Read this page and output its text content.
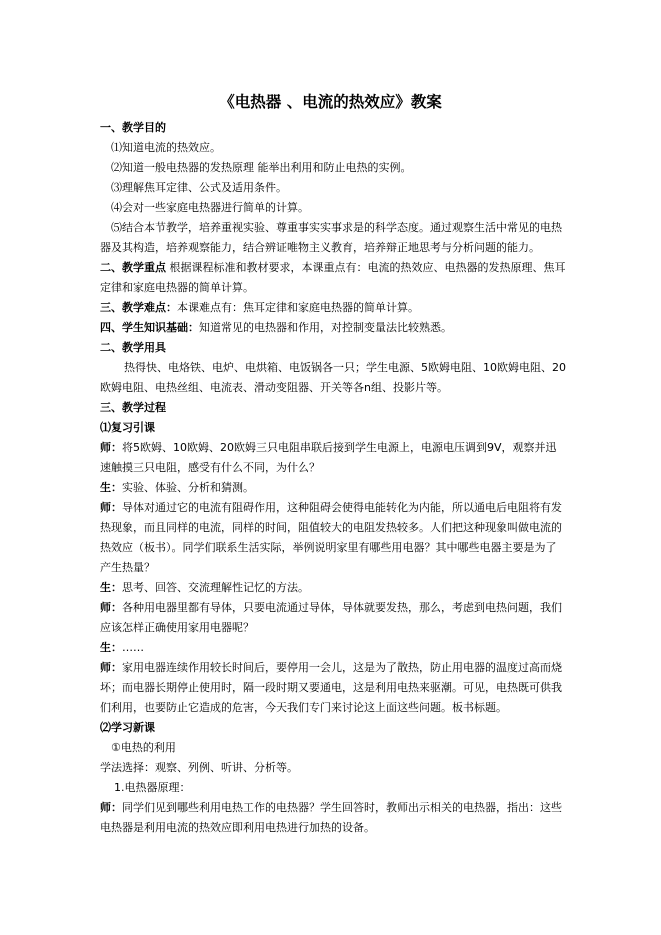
《电热器 、电流的热效应》教案

一、教学目的

⑴知道电流的热效应。

⑵知道一般电热器的发热原理 能举出利用和防止电热的实例。

⑶理解焦耳定律、公式及适用条件。

⑷会对一些家庭电热器进行简单的计算。

⑸结合本节教学，培养重视实验、尊重事实实事求是的科学态度。通过观察生活中常见的电热器及其构造，培养观察能力，结合辨证唯物主义教育，培养辩正地思考与分析问题的能力。

二、教学重点 根据课程标准和教材要求，本课重点有：电流的热效应、电热器的发热原理、焦耳定律和家庭电热器的简单计算。

三、教学难点：本课难点有：焦耳定律和家庭电热器的简单计算。

四、学生知识基础：知道常见的电热器和作用，对控制变量法比较熟悉。

二、教学用具

热得快、电烙铁、电炉、电烘箱、电饭锅各一只；学生电源、5欧姆电阻、10欧姆电阻、20欧姆电阻、电热丝组、电流表、滑动变阻器、开关等各n组、投影片等。

三、教学过程

⑴复习引课

师：将5欧姆、10欧姆、20欧姆三只电阻串联后接到学生电源上，电源电压调到9V，观察并迅速触摸三只电阻，感受有什么不同，为什么？

生：实验、体验、分析和猜测。

师：导体对通过它的电流有阻碍作用，这种阻碍会使得电能转化为内能，所以通电后电阻将有发热现象，而且同样的电流，同样的时间，阻值较大的电阻发热较多。人们把这种现象叫做电流的热效应（板书）。同学们联系生活实际，举例说明家里有哪些用电器？其中哪些电器主要是为了产生热量？

生：思考、回答、交流理解性记忆的方法。

师：各种用电器里都有导体，只要电流通过导体，导体就要发热，那么，考虑到电热问题，我们应该怎样正确使用家用电器呢？

生：……

师：家用电器连续作用较长时间后，要停用一会儿，这是为了散热，防止用电器的温度过高而烧坏；而电器长期停止使用时，隔一段时期又要通电，这是利用电热来驱潮。可见，电热既可供我们利用，也要防止它造成的危害，今天我们专门来讨论这上面这些问题。板书标题。

⑵学习新课

①电热的利用

学法选择：观察、列例、听讲、分析等。

1.电热器原理：

师：同学们见到哪些利用电热工作的电热器？学生回答时，教师出示相关的电热器，指出：这些电热器是利用电流的热效应即利用电热进行加热的设备。
